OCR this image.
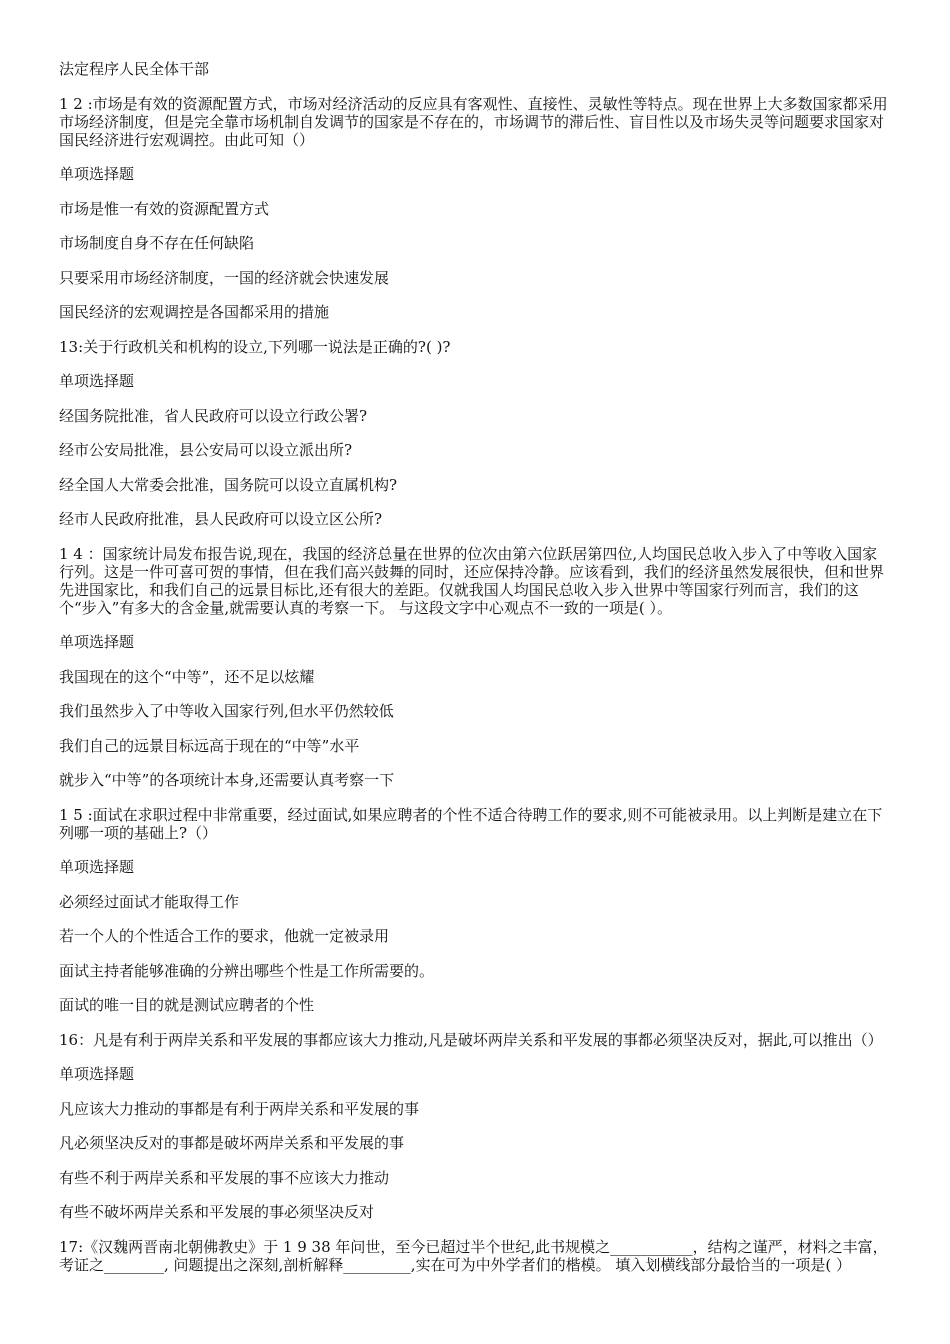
法定程序人民全体干部

1 2 :市场是有效的资源配置方式，市场对经济活动的反应具有客观性、直接性、灵敏性等特点。现在世界上大多数国家都采用市场经济制度，但是完全靠市场机制自发调节的国家是不存在的，市场调节的滞后性、盲目性以及市场失灵等问题要求国家对国民经济进行宏观调控。由此可知（）

单项选择题

市场是惟一有效的资源配置方式

市场制度自身不存在任何缺陷

只要采用市场经济制度，一国的经济就会快速发展

国民经济的宏观调控是各国都采用的措施

13:关于行政机关和机构的设立,下列哪一说法是正确的?( )?

单项选择题

经国务院批准，省人民政府可以设立行政公署?

经市公安局批准，县公安局可以设立派出所?

经全国人大常委会批准，国务院可以设立直属机构?

经市人民政府批准，县人民政府可以设立区公所?

1 4 ：国家统计局发布报告说,现在，我国的经济总量在世界的位次由第六位跃居第四位,人均国民总收入步入了中等收入国家行列。这是一件可喜可贺的事情，但在我们高兴鼓舞的同时，还应保持冷静。应该看到，我们的经济虽然发展很快，但和世界先进国家比，和我们自己的远景目标比,还有很大的差距。仅就我国人均国民总收入步入世界中等国家行列而言，我们的这个“步入”有多大的含金量,就需要认真的考察一下。 与这段文字中心观点不一致的一项是( ）。

单项选择题

我国现在的这个“中等”，还不足以炫耀

我们虽然步入了中等收入国家行列,但水平仍然较低

我们自己的远景目标远高于现在的“中等”水平

就步入“中等”的各项统计本身,还需要认真考察一下

1 5 :面试在求职过程中非常重要，经过面试,如果应聘者的个性不适合待聘工作的要求,则不可能被录用。以上判断是建立在下列哪一项的基础上?（）

单项选择题

必须经过面试才能取得工作

若一个人的个性适合工作的要求，他就一定被录用

面试主持者能够准确的分辨出哪些个性是工作所需要的。

面试的唯一目的就是测试应聘者的个性

16：凡是有利于两岸关系和平发展的事都应该大力推动,凡是破坏两岸关系和平发展的事都必须坚决反对，据此,可以推出（）

单项选择题

凡应该大力推动的事都是有利于两岸关系和平发展的事

凡必须坚决反对的事都是破坏两岸关系和平发展的事

有些不利于两岸关系和平发展的事不应该大力推动

有些不破坏两岸关系和平发展的事必须坚决反对

17:《汉魏两晋南北朝佛教史》于 1 9 38 年问世，至今已超过半个世纪,此书规模之___________，结构之谨严，材料之丰富，考证之________, 问题提出之深刻,剖析解释_________,实在可为中外学者们的楷模。 填入划横线部分最恰当的一项是( ）
